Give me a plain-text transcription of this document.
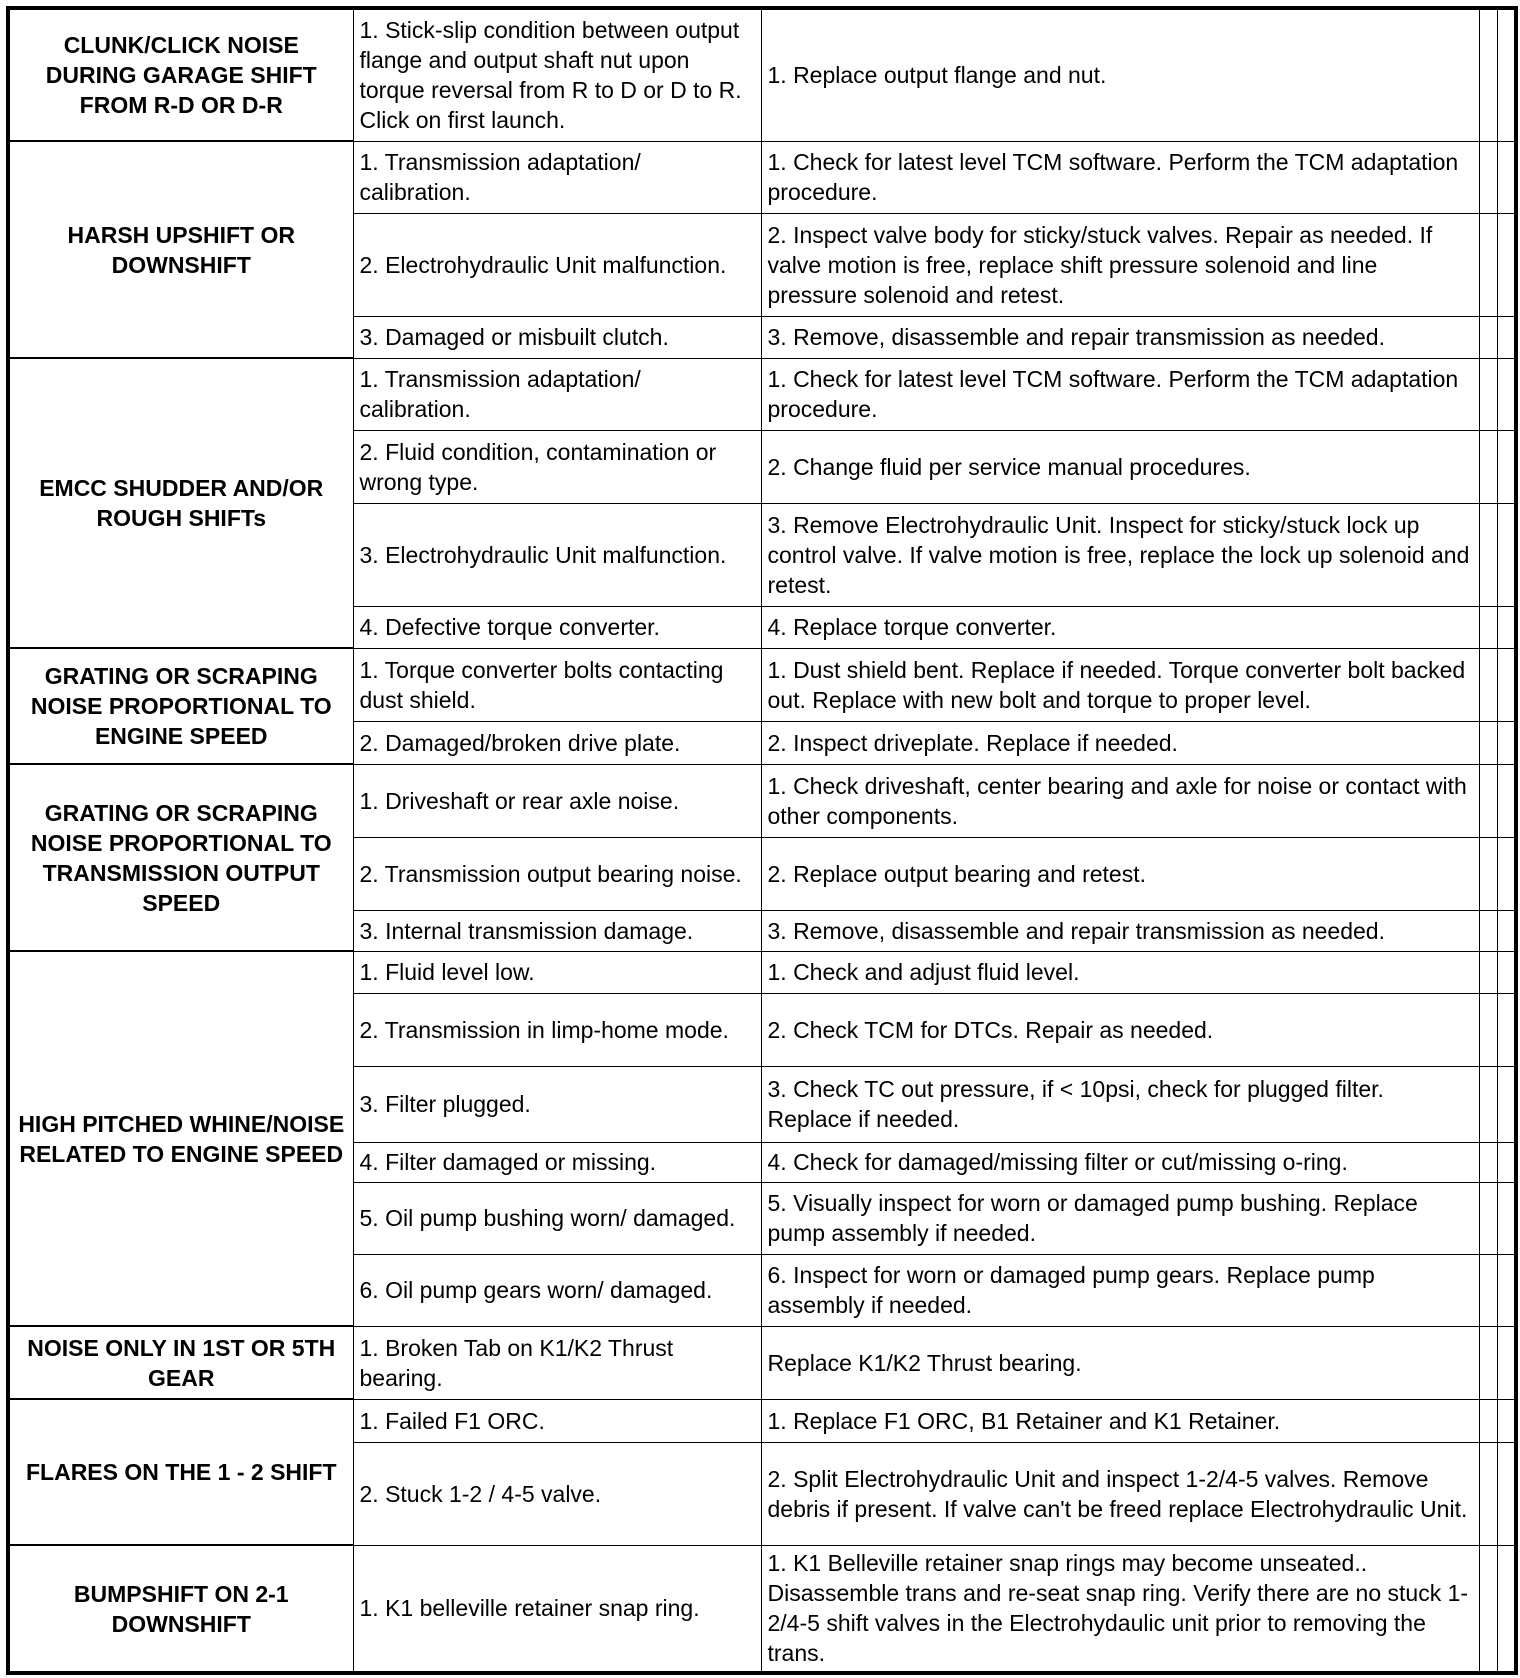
CLUNK/CLICK NOISE DURING GARAGE SHIFT FROM R-D OR D-R	1. Stick-slip condition between output flange and output shaft nut upon torque reversal from R to D or D to R. Click on first launch.	1. Replace output flange and nut.		
HARSH UPSHIFT OR DOWNSHIFT	1. Transmission adaptation/ calibration.	1. Check for latest level TCM software. Perform the TCM adaptation procedure.		
	2. Electrohydraulic Unit malfunction.	2. Inspect valve body for sticky/stuck valves. Repair as needed. If valve motion is free, replace shift pressure solenoid and line pressure solenoid and retest.		
	3. Damaged or misbuilt clutch.	3. Remove, disassemble and repair transmission as needed.		
EMCC SHUDDER AND/OR ROUGH SHIFTs	1. Transmission adaptation/ calibration.	1. Check for latest level TCM software. Perform the TCM adaptation procedure.		
	2. Fluid condition, contamination or wrong type.	2. Change fluid per service manual procedures.		
	3. Electrohydraulic Unit malfunction.	3. Remove Electrohydraulic Unit. Inspect for sticky/stuck lock up control valve. If valve motion is free, replace the lock up solenoid and retest.		
	4. Defective torque converter.	4. Replace torque converter.		
GRATING OR SCRAPING NOISE PROPORTIONAL TO ENGINE SPEED	1. Torque converter bolts contacting dust shield.	1. Dust shield bent. Replace if needed. Torque converter bolt backed out. Replace with new bolt and torque to proper level.		
	2. Damaged/broken drive plate.	2. Inspect driveplate. Replace if needed.		
GRATING OR SCRAPING NOISE PROPORTIONAL TO TRANSMISSION OUTPUT SPEED	1. Driveshaft or rear axle noise.	1. Check driveshaft, center bearing and axle for noise or contact with other components.		
	2. Transmission output bearing noise.	2. Replace output bearing and retest.		
	3. Internal transmission damage.	3. Remove, disassemble and repair transmission as needed.		
HIGH PITCHED WHINE/NOISE RELATED TO ENGINE SPEED	1. Fluid level low.	1. Check and adjust fluid level.		
	2. Transmission in limp-home mode.	2. Check TCM for DTCs. Repair as needed.		
	3. Filter plugged.	3. Check TC out pressure, if < 10psi, check for plugged filter. Replace if needed.		
	4. Filter damaged or missing.	4. Check for damaged/missing filter or cut/missing o-ring.		
	5. Oil pump bushing worn/ damaged.	5. Visually inspect for worn or damaged pump bushing. Replace pump assembly if needed.		
	6. Oil pump gears worn/ damaged.	6. Inspect for worn or damaged pump gears. Replace pump assembly if needed.		
NOISE ONLY IN 1ST OR 5TH GEAR	1. Broken Tab on K1/K2 Thrust bearing.	Replace K1/K2 Thrust bearing.		
FLARES ON THE 1 - 2 SHIFT	1. Failed F1 ORC.	1. Replace F1 ORC, B1 Retainer and K1 Retainer.		
	2. Stuck 1-2 / 4-5 valve.	2. Split Electrohydraulic Unit and inspect 1-2/4-5 valves. Remove debris if present. If valve can't be freed replace Electrohydraulic Unit.		
BUMPSHIFT ON 2-1 DOWNSHIFT	1. K1 belleville retainer snap ring.	1. K1 Belleville retainer snap rings may become unseated.. Disassemble trans and re-seat snap ring. Verify there are no stuck 1-2/4-5 shift valves in the Electrohydaulic unit prior to removing the trans.		
